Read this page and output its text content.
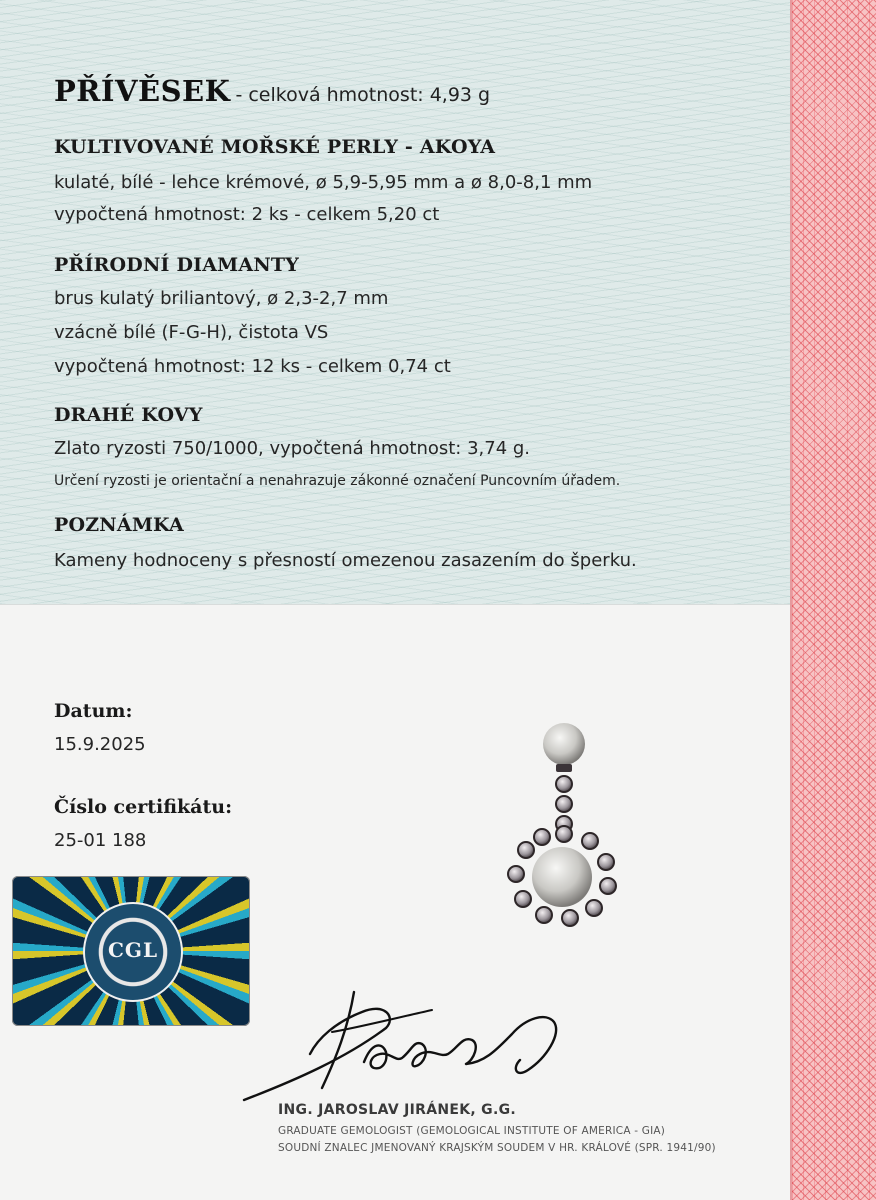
PŘÍVĚSEK - celková hmotnost: 4,93 g
KULTIVOVANÉ MOŘSKÉ PERLY - AKOYA
kulaté, bílé - lehce krémové, ø 5,9-5,95 mm a ø 8,0-8,1 mm
vypočtená hmotnost: 2 ks - celkem 5,20 ct
PŘÍRODNÍ DIAMANTY
brus kulatý briliantový, ø 2,3-2,7 mm
vzácně bílé (F-G-H), čistota VS
vypočtená hmotnost: 12 ks - celkem 0,74 ct
DRAHÉ KOVY
Zlato ryzosti 750/1000, vypočtená hmotnost: 3,74 g.
Určení ryzosti je orientační a nenahrazuje zákonné označení Puncovním úřadem.
POZNÁMKA
Kameny hodnoceny s přesností omezenou zasazením do šperku.
Datum:
15.9.2025
Číslo certifikátu:
25-01 188
CGL
ING. JAROSLAV JIRÁNEK, G.G.
GRADUATE GEMOLOGIST (GEMOLOGICAL INSTITUTE OF AMERICA - GIA)
SOUDNÍ ZNALEC JMENOVANÝ KRAJSKÝM SOUDEM V HR. KRÁLOVÉ (SPR. 1941/90)
